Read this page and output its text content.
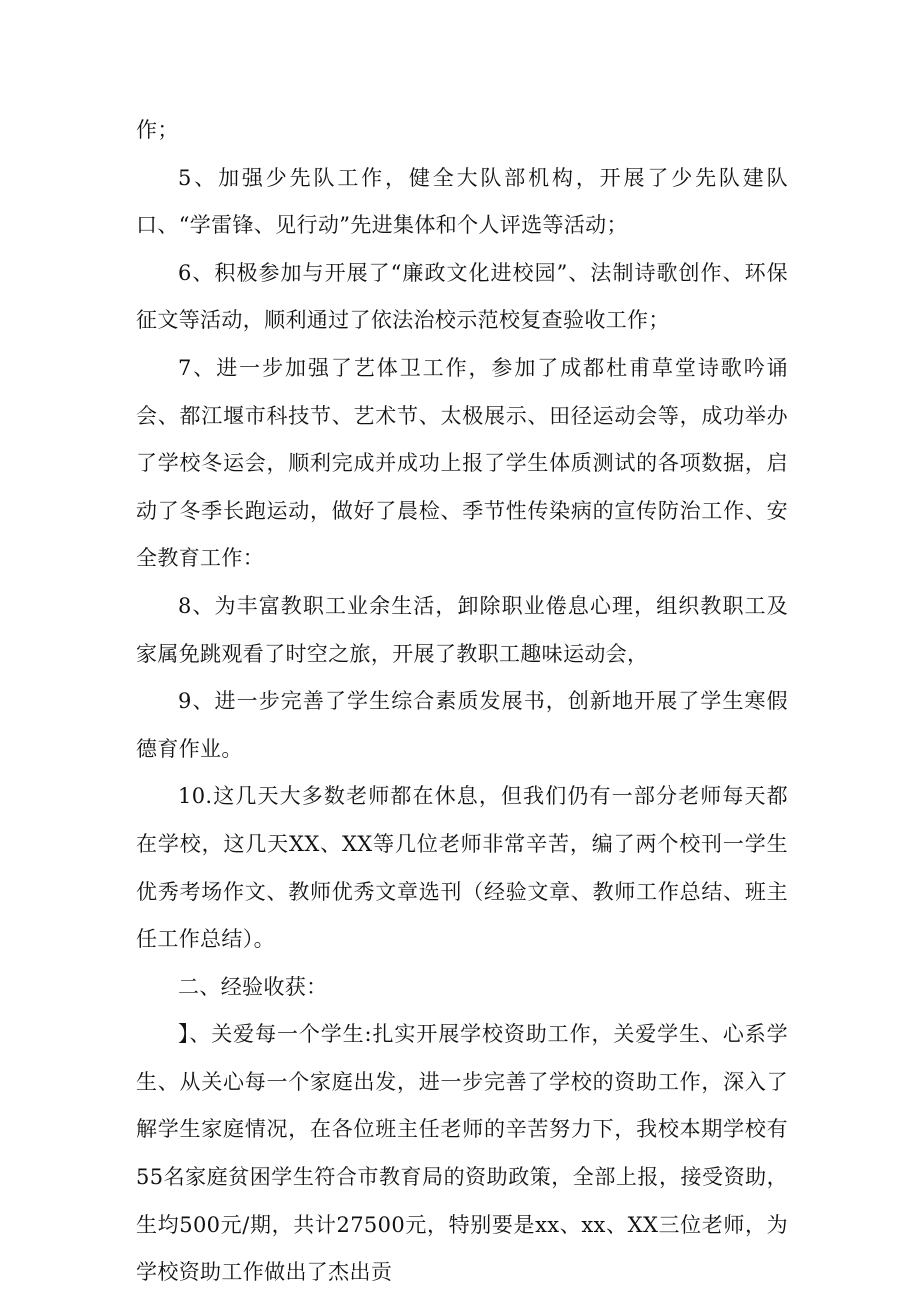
作；

5、加强少先队工作，健全大队部机构，开展了少先队建队口、“学雷锋、见行动”先进集体和个人评选等活动；

6、积极参加与开展了“廉政文化进校园”、法制诗歌创作、环保征文等活动，顺利通过了依法治校示范校复查验收工作；

7、进一步加强了艺体卫工作，参加了成都杜甫草堂诗歌吟诵会、都江堰市科技节、艺术节、太极展示、田径运动会等，成功举办了学校冬运会，顺利完成并成功上报了学生体质测试的各项数据，启动了冬季长跑运动，做好了晨检、季节性传染病的宣传防治工作、安全教育工作：

8、为丰富教职工业余生活，卸除职业倦息心理，组织教职工及家属免跳观看了时空之旅，开展了教职工趣味运动会，

9、进一步完善了学生综合素质发展书，创新地开展了学生寒假德育作业。

10.这几天大多数老师都在休息，但我们仍有一部分老师每天都在学校，这几天XX、XX等几位老师非常辛苦，编了两个校刊一学生优秀考场作文、教师优秀文章选刊（经验文章、教师工作总结、班主任工作总结）。

二、经验收获：

】、关爱每一个学生:扎实开展学校资助工作，关爱学生、心系学生、从关心每一个家庭出发，进一步完善了学校的资助工作，深入了解学生家庭情况，在各位班主任老师的辛苦努力下，我校本期学校有55名家庭贫困学生符合市教育局的资助政策，全部上报，接受资助，生均500元/期，共计27500元，特别要是xx、xx、XX三位老师，为学校资助工作做出了杰出贡
